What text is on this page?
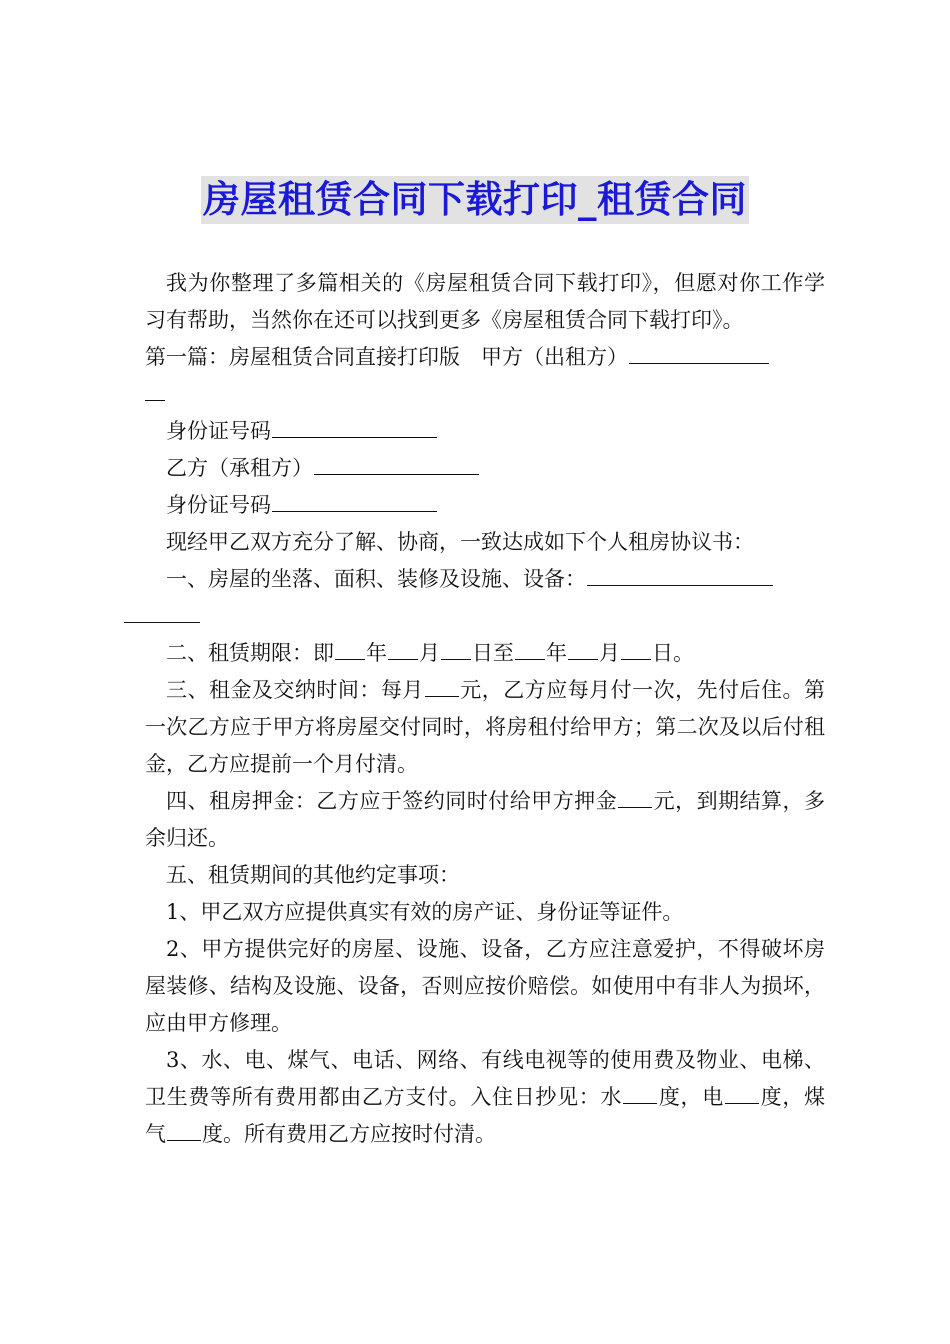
房屋租赁合同下载打印_租赁合同

我为你整理了多篇相关的《房屋租赁合同下载打印》，但愿对你工作学习有帮助，当然你在还可以找到更多《房屋租赁合同下载打印》。

第一篇：房屋租赁合同直接打印版　甲方（出租方）

身份证号码

乙方（承租方）

身份证号码

现经甲乙双方充分了解、协商，一致达成如下个人租房协议书：

一、房屋的坐落、面积、装修及设施、设备：

二、租赁期限：即 年 月 日至 年 月 日。

三、租金及交纳时间：每月 元，乙方应每月付一次，先付后住。第一次乙方应于甲方将房屋交付同时，将房租付给甲方；第二次及以后付租金，乙方应提前一个月付清。

四、租房押金：乙方应于签约同时付给甲方押金 元，到期结算，多余归还。

五、租赁期间的其他约定事项：

1、甲乙双方应提供真实有效的房产证、身份证等证件。

2、甲方提供完好的房屋、设施、设备，乙方应注意爱护，不得破坏房屋装修、结构及设施、设备，否则应按价赔偿。如使用中有非人为损坏，应由甲方修理。

3、水、电、煤气、电话、网络、有线电视等的使用费及物业、电梯、卫生费等所有费用都由乙方支付。入住日抄见：水 度，电 度，煤气 度。所有费用乙方应按时付清。
